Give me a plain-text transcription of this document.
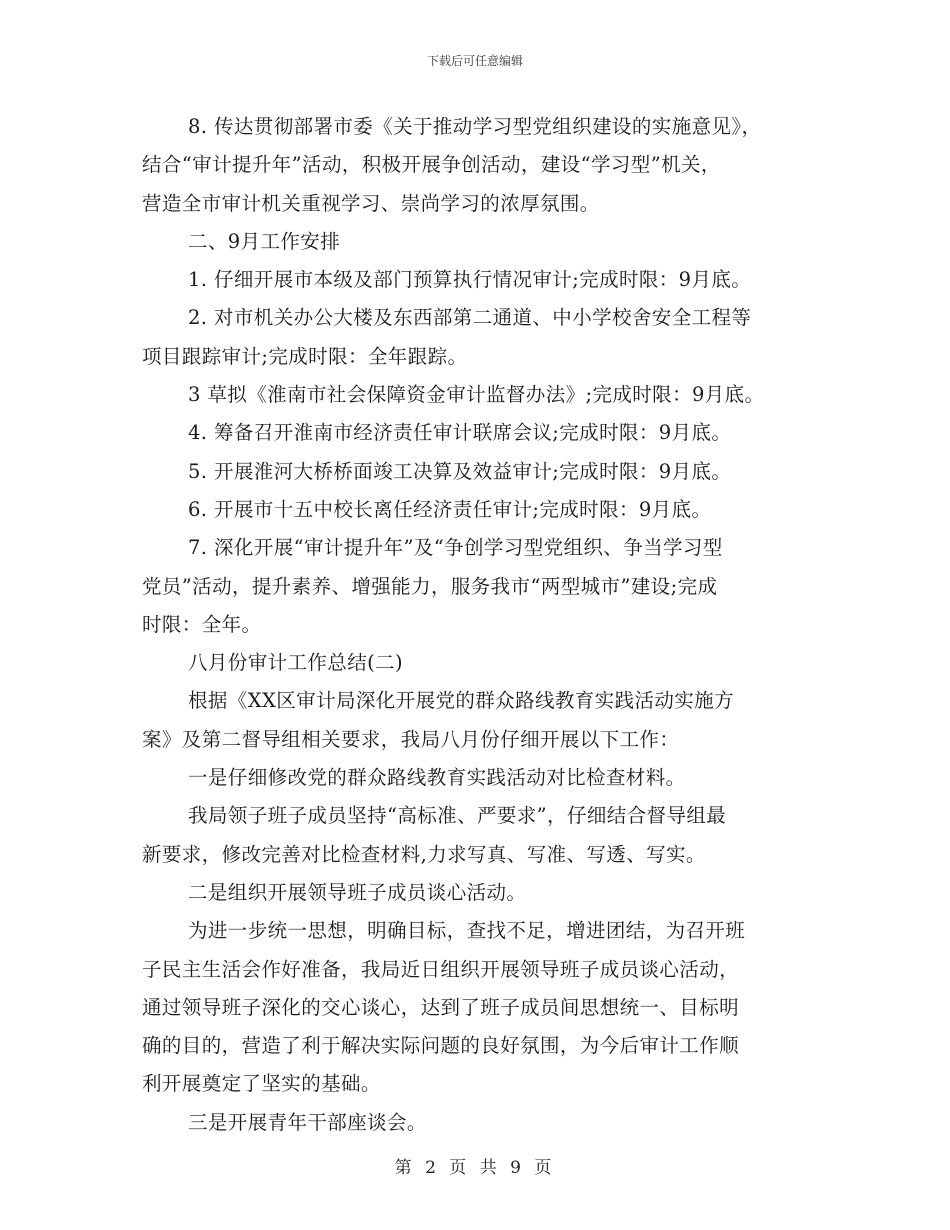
下载后可任意编辑
8. 传达贯彻部署市委《关于推动学习型党组织建设的实施意见》，
结合“审计提升年”活动，积极开展争创活动，建设“学习型”机关，
营造全市审计机关重视学习、崇尚学习的浓厚氛围。
二、9月工作安排
1. 仔细开展市本级及部门预算执行情况审计;完成时限：9月底。
2. 对市机关办公大楼及东西部第二通道、中小学校舍安全工程等
项目跟踪审计;完成时限：全年跟踪。
3 草拟《淮南市社会保障资金审计监督办法》;完成时限：9月底。
4. 筹备召开淮南市经济责任审计联席会议;完成时限：9月底。
5. 开展淮河大桥桥面竣工决算及效益审计;完成时限：9月底。
6. 开展市十五中校长离任经济责任审计;完成时限：9月底。
7. 深化开展“审计提升年”及“争创学习型党组织、争当学习型
党员”活动，提升素养、增强能力，服务我市“两型城市”建设;完成
时限：全年。
八月份审计工作总结(二)
根据《XX区审计局深化开展党的群众路线教育实践活动实施方
案》及第二督导组相关要求，我局八月份仔细开展以下工作：
一是仔细修改党的群众路线教育实践活动对比检查材料。
我局领子班子成员坚持“高标准、严要求”，仔细结合督导组最
新要求，修改完善对比检查材料,力求写真、写准、写透、写实。
二是组织开展领导班子成员谈心活动。
为进一步统一思想，明确目标，查找不足，增进团结，为召开班
子民主生活会作好准备，我局近日组织开展领导班子成员谈心活动，
通过领导班子深化的交心谈心，达到了班子成员间思想统一、目标明
确的目的，营造了利于解决实际问题的良好氛围，为今后审计工作顺
利开展奠定了坚实的基础。
三是开展青年干部座谈会。
第 2 页 共 9 页
